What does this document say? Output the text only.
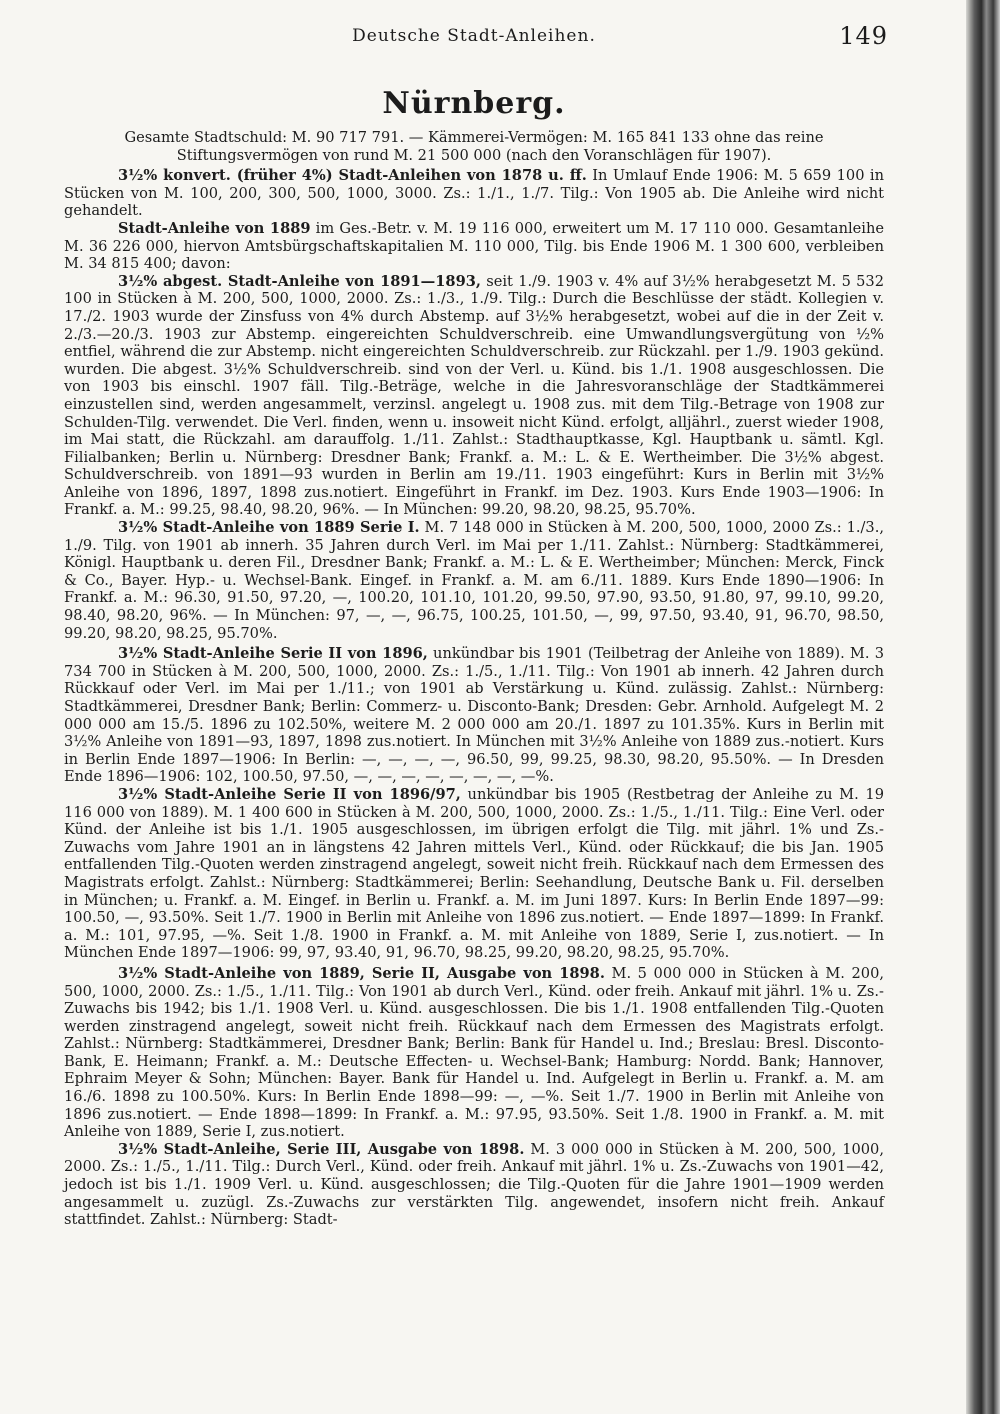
Deutsche Stadt-Anleihen.	149
Nürnberg.

Gesamte Stadtschuld: M. 90 717 791. — Kämmerei-Vermögen: M. 165 841 133 ohne das reine Stiftungsvermögen von rund M. 21 500 000 (nach den Voranschlägen für 1907).

3½% konvert. (früher 4%) Stadt-Anleihen von 1878 u. ff. In Umlauf Ende 1906: M. 5 659 100 in Stücken von M. 100, 200, 300, 500, 1000, 3000. Zs.: 1./1., 1./7. Tilg.: Von 1905 ab. Die Anleihe wird nicht gehandelt.

Stadt-Anleihe von 1889 im Ges.-Betr. v. M. 19 116 000, erweitert um M. 17 110 000. Gesamtanleihe M. 36 226 000, hiervon Amtsbürgschaftskapitalien M. 110 000, Tilg. bis Ende 1906 M. 1 300 600, verbleiben M. 34 815 400; davon:

3½% abgest. Stadt-Anleihe von 1891—1893, seit 1./9. 1903 v. 4% auf 3½% herabgesetzt M. 5 532 100 in Stücken à M. 200, 500, 1000, 2000. Zs.: 1./3., 1./9. Tilg.: Durch die Beschlüsse der städt. Kollegien v. 17./2. 1903 wurde der Zinsfuss von 4% durch Abstemp. auf 3½% herabgesetzt, wobei auf die in der Zeit v. 2./3.—20./3. 1903 zur Abstemp. eingereichten Schuldverschreib. eine Umwandlungsvergütung von ½% entfiel, während die zur Abstemp. nicht eingereichten Schuldverschreib. zur Rückzahl. per 1./9. 1903 gekünd. wurden. Die abgest. 3½% Schuldverschreib. sind von der Verl. u. Künd. bis 1./1. 1908 ausgeschlossen. Die von 1903 bis einschl. 1907 fäll. Tilg.-Beträge, welche in die Jahresvoranschläge der Stadtkämmerei einzustellen sind, werden angesammelt, verzinsl. angelegt u. 1908 zus. mit dem Tilg.-Betrage von 1908 zur Schulden-Tilg. verwendet. Die Verl. finden, wenn u. insoweit nicht Künd. erfolgt, alljährl., zuerst wieder 1908, im Mai statt, die Rückzahl. am darauffolg. 1./11. Zahlst.: Stadthauptkasse, Kgl. Hauptbank u. sämtl. Kgl. Filialbanken; Berlin u. Nürnberg: Dresdner Bank; Frankf. a. M.: L. & E. Wertheimber. Die 3½% abgest. Schuldverschreib. von 1891—93 wurden in Berlin am 19./11. 1903 eingeführt: Kurs in Berlin mit 3½% Anleihe von 1896, 1897, 1898 zus.notiert. Eingeführt in Frankf. im Dez. 1903. Kurs Ende 1903—1906: In Frankf. a. M.: 99.25, 98.40, 98.20, 96%. — In München: 99.20, 98.20, 98.25, 95.70%.

3½% Stadt-Anleihe von 1889 Serie I. M. 7 148 000 in Stücken à M. 200, 500, 1000, 2000 Zs.: 1./3., 1./9. Tilg. von 1901 ab innerh. 35 Jahren durch Verl. im Mai per 1./11. Zahlst.: Nürnberg: Stadtkämmerei, Königl. Hauptbank u. deren Fil., Dresdner Bank; Frankf. a. M.: L. & E. Wertheimber; München: Merck, Finck & Co., Bayer. Hyp.- u. Wechsel-Bank. Eingef. in Frankf. a. M. am 6./11. 1889. Kurs Ende 1890—1906: In Frankf. a. M.: 96.30, 91.50, 97.20, —, 100.20, 101.10, 101.20, 99.50, 97.90, 93.50, 91.80, 97, 99.10, 99.20, 98.40, 98.20, 96%. — In München: 97, —, —, 96.75, 100.25, 101.50, —, 99, 97.50, 93.40, 91, 96.70, 98.50, 99.20, 98.20, 98.25, 95.70%.

3½% Stadt-Anleihe Serie II von 1896, unkündbar bis 1901 (Teilbetrag der Anleihe von 1889). M. 3 734 700 in Stücken à M. 200, 500, 1000, 2000. Zs.: 1./5., 1./11. Tilg.: Von 1901 ab innerh. 42 Jahren durch Rückkauf oder Verl. im Mai per 1./11.; von 1901 ab Verstärkung u. Künd. zulässig. Zahlst.: Nürnberg: Stadtkämmerei, Dresdner Bank; Berlin: Commerz- u. Disconto-Bank; Dresden: Gebr. Arnhold. Aufgelegt M. 2 000 000 am 15./5. 1896 zu 102.50%, weitere M. 2 000 000 am 20./1. 1897 zu 101.35%. Kurs in Berlin mit 3½% Anleihe von 1891—93, 1897, 1898 zus.notiert. In München mit 3½% Anleihe von 1889 zus.-notiert. Kurs in Berlin Ende 1897—1906: In Berlin: —, —, —, —, 96.50, 99, 99.25, 98.30, 98.20, 95.50%. — In Dresden Ende 1896—1906: 102, 100.50, 97.50, —, —, —, —, —, —, —, —%.

3½% Stadt-Anleihe Serie II von 1896/97, unkündbar bis 1905 (Restbetrag der Anleihe zu M. 19 116 000 von 1889). M. 1 400 600 in Stücken à M. 200, 500, 1000, 2000. Zs.: 1./5., 1./11. Tilg.: Eine Verl. oder Künd. der Anleihe ist bis 1./1. 1905 ausgeschlossen, im übrigen erfolgt die Tilg. mit jährl. 1% und Zs.-Zuwachs vom Jahre 1901 an in längstens 42 Jahren mittels Verl., Künd. oder Rückkauf; die bis Jan. 1905 entfallenden Tilg.-Quoten werden zinstragend angelegt, soweit nicht freih. Rückkauf nach dem Ermessen des Magistrats erfolgt. Zahlst.: Nürnberg: Stadtkämmerei; Berlin: Seehandlung, Deutsche Bank u. Fil. derselben in München; u. Frankf. a. M. Eingef. in Berlin u. Frankf. a. M. im Juni 1897. Kurs: In Berlin Ende 1897—99: 100.50, —, 93.50%. Seit 1./7. 1900 in Berlin mit Anleihe von 1896 zus.notiert. — Ende 1897—1899: In Frankf. a. M.: 101, 97.95, —%. Seit 1./8. 1900 in Frankf. a. M. mit Anleihe von 1889, Serie I, zus.notiert. — In München Ende 1897—1906: 99, 97, 93.40, 91, 96.70, 98.25, 99.20, 98.20, 98.25, 95.70%.

3½% Stadt-Anleihe von 1889, Serie II, Ausgabe von 1898. M. 5 000 000 in Stücken à M. 200, 500, 1000, 2000. Zs.: 1./5., 1./11. Tilg.: Von 1901 ab durch Verl., Künd. oder freih. Ankauf mit jährl. 1% u. Zs.-Zuwachs bis 1942; bis 1./1. 1908 Verl. u. Künd. ausgeschlossen. Die bis 1./1. 1908 entfallenden Tilg.-Quoten werden zinstragend angelegt, soweit nicht freih. Rückkauf nach dem Ermessen des Magistrats erfolgt. Zahlst.: Nürnberg: Stadtkämmerei, Dresdner Bank; Berlin: Bank für Handel u. Ind.; Breslau: Bresl. Disconto-Bank, E. Heimann; Frankf. a. M.: Deutsche Effecten- u. Wechsel-Bank; Hamburg: Nordd. Bank; Hannover, Ephraim Meyer & Sohn; München: Bayer. Bank für Handel u. Ind. Aufgelegt in Berlin u. Frankf. a. M. am 16./6. 1898 zu 100.50%. Kurs: In Berlin Ende 1898—99: —, —%. Seit 1./7. 1900 in Berlin mit Anleihe von 1896 zus.notiert. — Ende 1898—1899: In Frankf. a. M.: 97.95, 93.50%. Seit 1./8. 1900 in Frankf. a. M. mit Anleihe von 1889, Serie I, zus.notiert.

3½% Stadt-Anleihe, Serie III, Ausgabe von 1898. M. 3 000 000 in Stücken à M. 200, 500, 1000, 2000. Zs.: 1./5., 1./11. Tilg.: Durch Verl., Künd. oder freih. Ankauf mit jährl. 1% u. Zs.-Zuwachs von 1901—42, jedoch ist bis 1./1. 1909 Verl. u. Künd. ausgeschlossen; die Tilg.-Quoten für die Jahre 1901—1909 werden angesammelt u. zuzügl. Zs.-Zuwachs zur verstärkten Tilg. angewendet, insofern nicht freih. Ankauf stattfindet. Zahlst.: Nürnberg: Stadt-
